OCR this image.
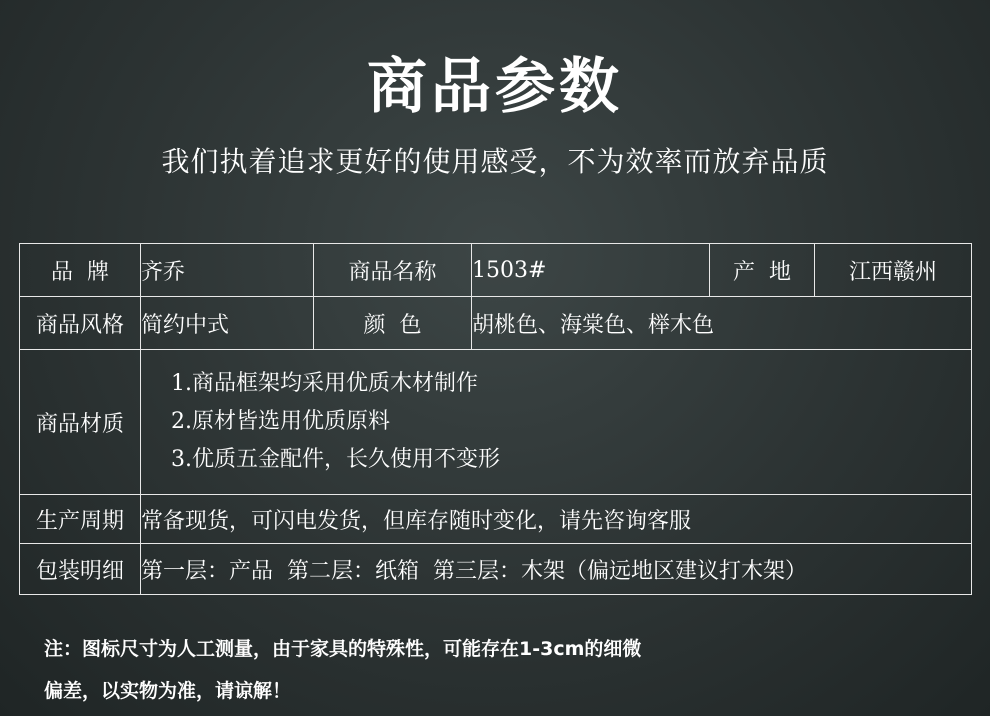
商品参数
我们执着追求更好的使用感受，不为效率而放弃品质
品  牌	齐乔	商品名称	1503#	产  地	江西赣州
商品风格	简约中式	颜  色	胡桃色、海棠色、榉木色		
商品材质	1.商品框架均采用优质木材制作
2.原材皆选用优质原料
3.优质五金配件，长久使用不变形				

生产周期	常备现货，可闪电发货，但库存随时变化，请先咨询客服				
包装明细	第一层：产品  第二层：纸箱  第三层：木架（偏远地区建议打木架）				
注：图标尺寸为人工测量，由于家具的特殊性，可能存在1-3cm的细微
偏差，以实物为准，请谅解！
